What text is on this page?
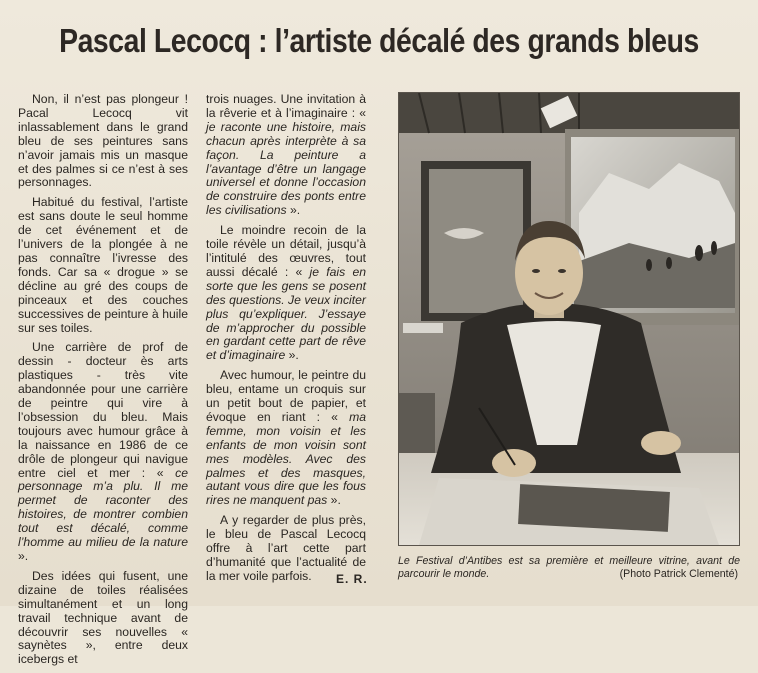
Pascal Lecocq : l’artiste décalé des grands bleus

Non, il n’est pas plongeur ! Pacal Lecocq vit inlassablement dans le grand bleu de ses peintures sans n’avoir jamais mis un masque et des palmes si ce n’est à ses personnages.

Habitué du festival, l’artiste est sans doute le seul homme de cet événement et de l’univers de la plongée à ne pas connaître l’ivresse des fonds. Car sa « drogue » se décline au gré des coups de pinceaux et des couches successives de peinture à huile sur ses toiles.

Une carrière de prof de dessin - docteur ès arts plastiques - très vite abandonnée pour une carrière de peintre qui vire à l’obsession du bleu. Mais toujours avec humour grâce à la naissance en 1986 de ce drôle de plongeur qui navigue entre ciel et mer : « ce personnage m’a plu. Il me permet de raconter des histoires, de montrer combien tout est décalé, comme l’homme au milieu de la nature ».

Des idées qui fusent, une dizaine de toiles réalisées simultanément et un long travail technique avant de découvrir ses nouvelles « saynètes », entre deux icebergs et

trois nuages. Une invitation à la rêverie et à l’imaginaire : « je raconte une histoire, mais chacun après interprète à sa façon. La peinture a l’avantage d’être un langage universel et donne l’occasion de construire des ponts entre les civilisations ».

Le moindre recoin de la toile révèle un détail, jusqu’à l’intitulé des œuvres, tout aussi décalé : « je fais en sorte que les gens se posent des questions. Je veux inciter plus qu’expliquer. J’essaye de m’approcher du possible en gardant cette part de rêve et d’imaginaire ».

Avec humour, le peintre du bleu, entame un croquis sur un petit bout de papier, et évoque en riant : « ma femme, mon voisin et les enfants de mon voisin sont mes modèles. Avec des palmes et des masques, autant vous dire que les fous rires ne manquent pas ».

A y regarder de plus près, le bleu de Pascal Lecocq offre à l’art cette part d’humanité que l’actualité de la mer voile parfois.	E. R.
Le Festival d’Antibes est sa première et meilleure vitrine, avant de parcourir le monde.	(Photo Patrick Clementé)
